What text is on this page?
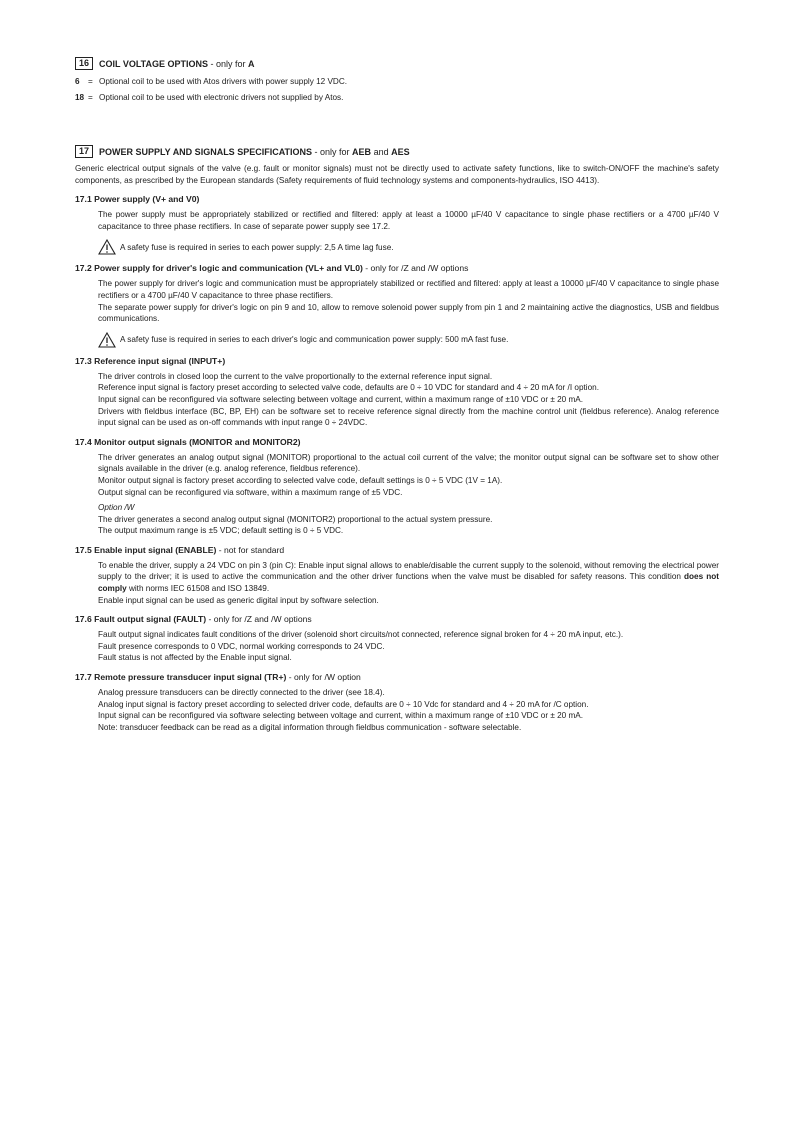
16	COIL VOLTAGE OPTIONS - only for A
6	= Optional coil to be used with Atos drivers with power supply 12 VDC.
18 = Optional coil to be used with electronic drivers not supplied by Atos.
17	POWER SUPPLY AND SIGNALS SPECIFICATIONS - only for AEB and AES

Generic electrical output signals of the valve (e.g. fault or monitor signals) must not be directly used to activate safety functions, like to switch-ON/OFF the machine's safety components, as prescribed by the European standards (Safety requirements of fluid technology systems and components-hydraulics, ISO 4413).

17.1 Power supply (V+ and V0)

The power supply must be appropriately stabilized or rectified and filtered: apply at least a 10000 µF/40 V capacitance to single phase rectifiers or a 4700 µF/40 V capacitance to three phase rectifiers. In case of separate power supply see 17.2.

A safety fuse is required in series to each power supply: 2,5 A time lag fuse.
17.2 Power supply for driver's logic and communication (VL+ and VL0) - only for /Z and /W options

The power supply for driver's logic and communication must be appropriately stabilized or rectified and filtered: apply at least a 10000 µF/40 V capacitance to single phase rectifiers or a 4700 µF/40 V capacitance to three phase rectifiers.

The separate power supply for driver's logic on pin 9 and 10, allow to remove solenoid power supply from pin 1 and 2 maintaining active the diagnostics, USB and fieldbus communications.

A safety fuse is required in series to each driver's logic and communication power supply: 500 mA fast fuse.
17.3 Reference input signal (INPUT+)

The driver controls in closed loop the current to the valve proportionally to the external reference input signal.

Reference input signal is factory preset according to selected valve code, defaults are 0 ÷ 10 VDC for standard and 4 ÷ 20 mA for /I option.

Input signal can be reconfigured via software selecting between voltage and current, within a maximum range of ±10 VDC or ± 20 mA.

Drivers with fieldbus interface (BC, BP, EH) can be software set to receive reference signal directly from the machine control unit (fieldbus reference). Analog reference input signal can be used as on-off commands with input range 0 ÷ 24VDC.

17.4 Monitor output signals (MONITOR and MONITOR2)

The driver generates an analog output signal (MONITOR) proportional to the actual coil current of the valve; the monitor output signal can be software set to show other signals available in the driver (e.g. analog reference, fieldbus reference).

Monitor output signal is factory preset according to selected valve code, default settings is 0 ÷ 5 VDC (1V = 1A).

Output signal can be reconfigured via software, within a maximum range of ±5 VDC.

Option /W

The driver generates a second analog output signal (MONITOR2) proportional to the actual system pressure.

The output maximum range is ±5 VDC; default setting is 0 ÷ 5 VDC.

17.5 Enable input signal (ENABLE) - not for standard

To enable the driver, supply a 24 VDC on pin 3 (pin C): Enable input signal allows to enable/disable the current supply to the solenoid, without removing the electrical power supply to the driver; it is used to active the communication and the other driver functions when the valve must be disabled for safety reasons. This condition does not comply with norms IEC 61508 and ISO 13849.

Enable input signal can be used as generic digital input by software selection.

17.6 Fault output signal (FAULT) - only for /Z and /W options

Fault output signal indicates fault conditions of the driver (solenoid short circuits/not connected, reference signal broken for 4 ÷ 20 mA input, etc.).

Fault presence corresponds to 0 VDC, normal working corresponds to 24 VDC.

Fault status is not affected by the Enable input signal.

17.7 Remote pressure transducer input signal (TR+) - only for /W option

Analog pressure transducers can be directly connected to the driver (see 18.4).

Analog input signal is factory preset according to selected driver code, defaults are 0 ÷ 10 Vdc for standard and 4 ÷ 20 mA for /C option.

Input signal can be reconfigured via software selecting between voltage and current, within a maximum range of ±10 VDC or ± 20 mA.

Note: transducer feedback can be read as a digital information through fieldbus communication - software selectable.
